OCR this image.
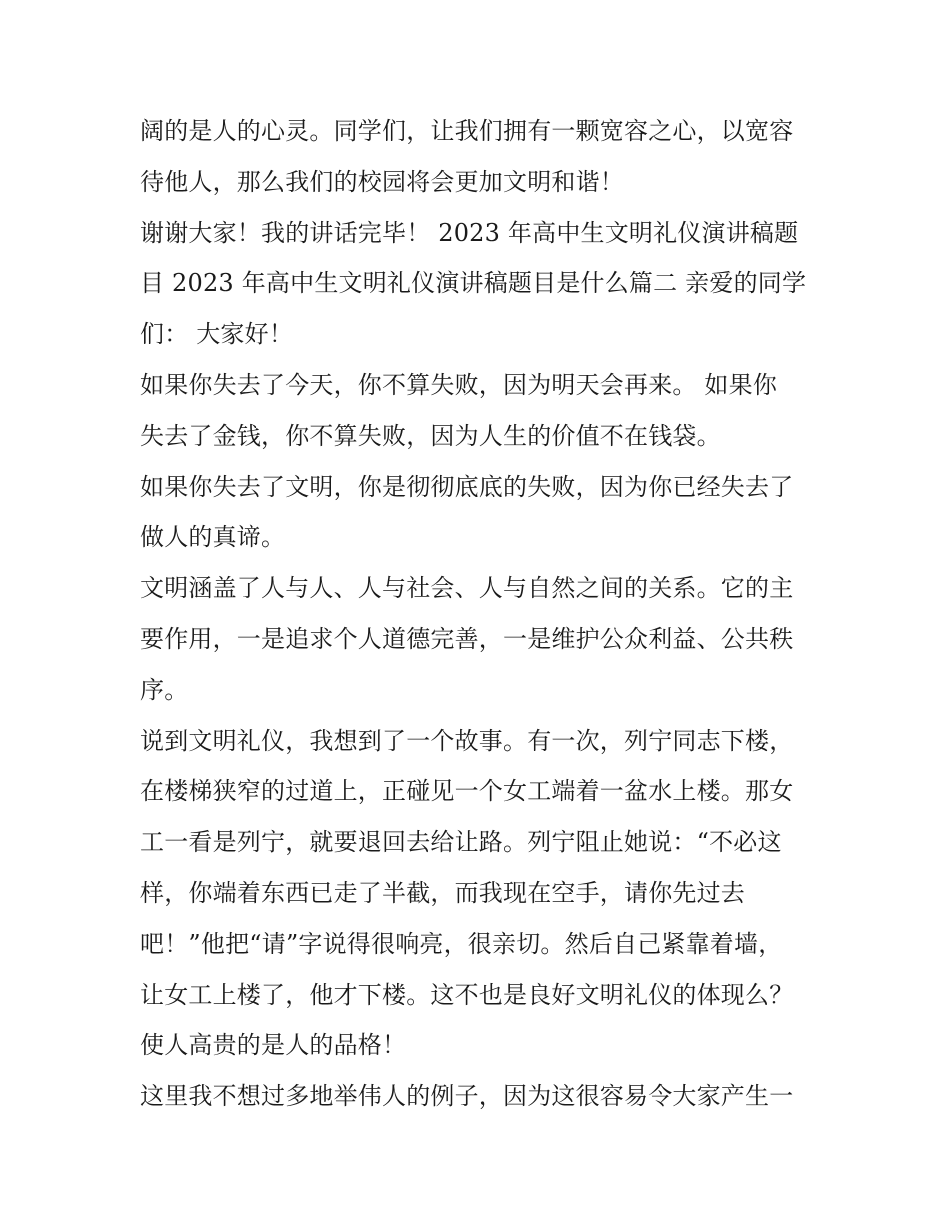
阔的是人的心灵。同学们，让我们拥有一颗宽容之心，以宽容
待他人，那么我们的校园将会更加文明和谐！
谢谢大家！我的讲话完毕！ 2023 年高中生文明礼仪演讲稿题
目 2023 年高中生文明礼仪演讲稿题目是什么篇二 亲爱的同学
们： 大家好！
如果你失去了今天，你不算失败，因为明天会再来。 如果你
失去了金钱，你不算失败，因为人生的价值不在钱袋。
如果你失去了文明，你是彻彻底底的失败，因为你已经失去了
做人的真谛。
文明涵盖了人与人、人与社会、人与自然之间的关系。它的主
要作用，一是追求个人道德完善，一是维护公众利益、公共秩
序。
说到文明礼仪，我想到了一个故事。有一次，列宁同志下楼，
在楼梯狭窄的过道上，正碰见一个女工端着一盆水上楼。那女
工一看是列宁，就要退回去给让路。列宁阻止她说：“不必这
样，你端着东西已走了半截，而我现在空手，请你先过去
吧！”他把“请”字说得很响亮，很亲切。然后自己紧靠着墙，
让女工上楼了，他才下楼。这不也是良好文明礼仪的体现么？
使人高贵的是人的品格！
这里我不想过多地举伟人的例子，因为这很容易令大家产生一
